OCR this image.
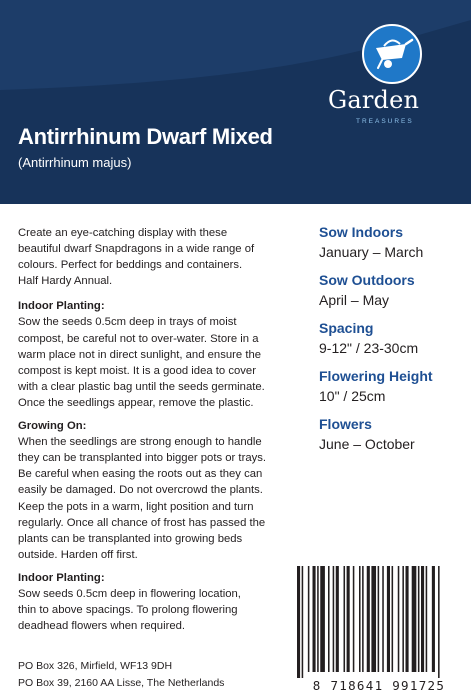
Garden
TREASURES
Antirrhinum Dwarf Mixed
(Antirrhinum majus)

Create an eye-catching display with these
beautiful dwarf Snapdragons in a wide range of
colours. Perfect for beddings and containers.
Half Hardy Annual.

Indoor Planting:

Sow the seeds 0.5cm deep in trays of moist
compost, be careful not to over-water. Store in a
warm place not in direct sunlight, and ensure the
compost is kept moist. It is a good idea to cover
with a clear plastic bag until the seeds germinate.
Once the seedlings appear, remove the plastic.

Growing On:

When the seedlings are strong enough to handle
they can be transplanted into bigger pots or trays.
Be careful when easing the roots out as they can
easily be damaged. Do not overcrowd the plants.
Keep the pots in a warm, light position and turn
regularly. Once all chance of frost has passed the
plants can be transplanted into growing beds
outside. Harden off first.

Indoor Planting:

Sow seeds 0.5cm deep in flowering location,
thin to above spacings. To prolong flowering
deadhead flowers when required.

Sow Indoors
January – March
Sow Outdoors
April – May
Spacing
9-12" / 23-30cm
Flowering Height
10" / 25cm
Flowers
June – October
PO Box 326, Mirfield, WF13 9DH
PO Box 39, 2160 AA Lisse, The Netherlands	8 718641 991725
